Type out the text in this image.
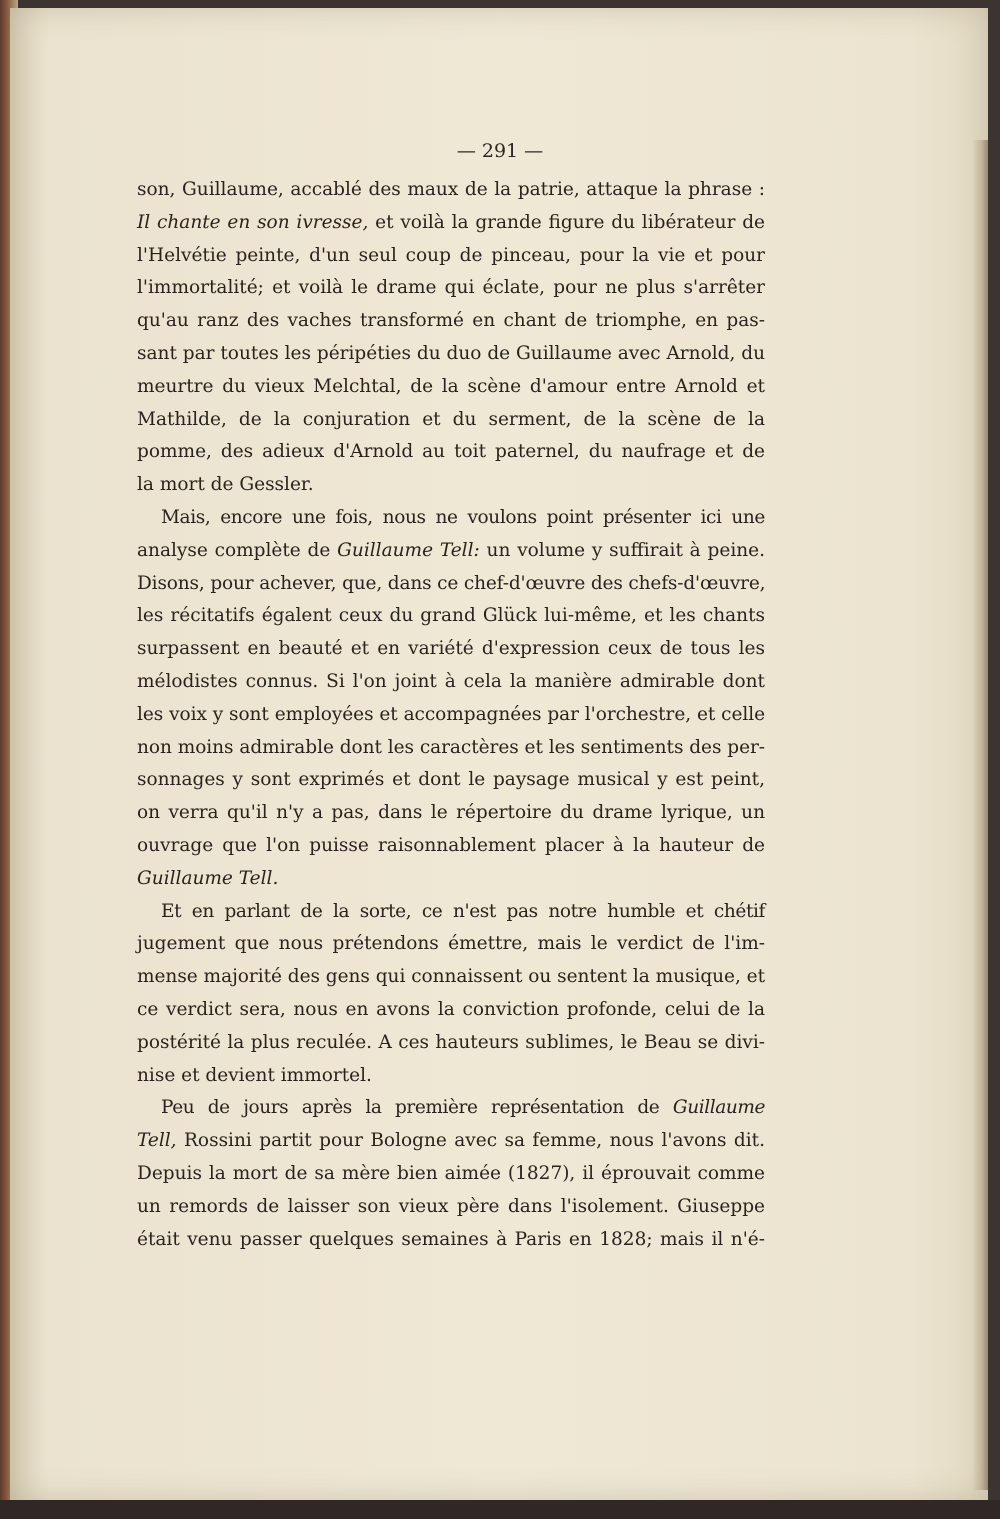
— 291 —
son, Guillaume, accablé des maux de la patrie, attaque la phrase :
Il chante en son ivresse, et voilà la grande figure du libérateur de
l'Helvétie peinte, d'un seul coup de pinceau, pour la vie et pour
l'immortalité; et voilà le drame qui éclate, pour ne plus s'arrêter
qu'au ranz des vaches transformé en chant de triomphe, en pas-
sant par toutes les péripéties du duo de Guillaume avec Arnold, du
meurtre du vieux Melchtal, de la scène d'amour entre Arnold et
Mathilde, de la conjuration et du serment, de la scène de la
pomme, des adieux d'Arnold au toit paternel, du naufrage et de
la mort de Gessler.
Mais, encore une fois, nous ne voulons point présenter ici une
analyse complète de Guillaume Tell: un volume y suffirait à peine.
Disons, pour achever, que, dans ce chef-d'œuvre des chefs-d'œuvre,
les récitatifs égalent ceux du grand Glück lui-même, et les chants
surpassent en beauté et en variété d'expression ceux de tous les
mélodistes connus. Si l'on joint à cela la manière admirable dont
les voix y sont employées et accompagnées par l'orchestre, et celle
non moins admirable dont les caractères et les sentiments des per-
sonnages y sont exprimés et dont le paysage musical y est peint,
on verra qu'il n'y a pas, dans le répertoire du drame lyrique, un
ouvrage que l'on puisse raisonnablement placer à la hauteur de
Guillaume Tell.
Et en parlant de la sorte, ce n'est pas notre humble et chétif
jugement que nous prétendons émettre, mais le verdict de l'im-
mense majorité des gens qui connaissent ou sentent la musique, et
ce verdict sera, nous en avons la conviction profonde, celui de la
postérité la plus reculée. A ces hauteurs sublimes, le Beau se divi-
nise et devient immortel.
Peu de jours après la première représentation de Guillaume
Tell, Rossini partit pour Bologne avec sa femme, nous l'avons dit.
Depuis la mort de sa mère bien aimée (1827), il éprouvait comme
un remords de laisser son vieux père dans l'isolement. Giuseppe
était venu passer quelques semaines à Paris en 1828; mais il n'é-
